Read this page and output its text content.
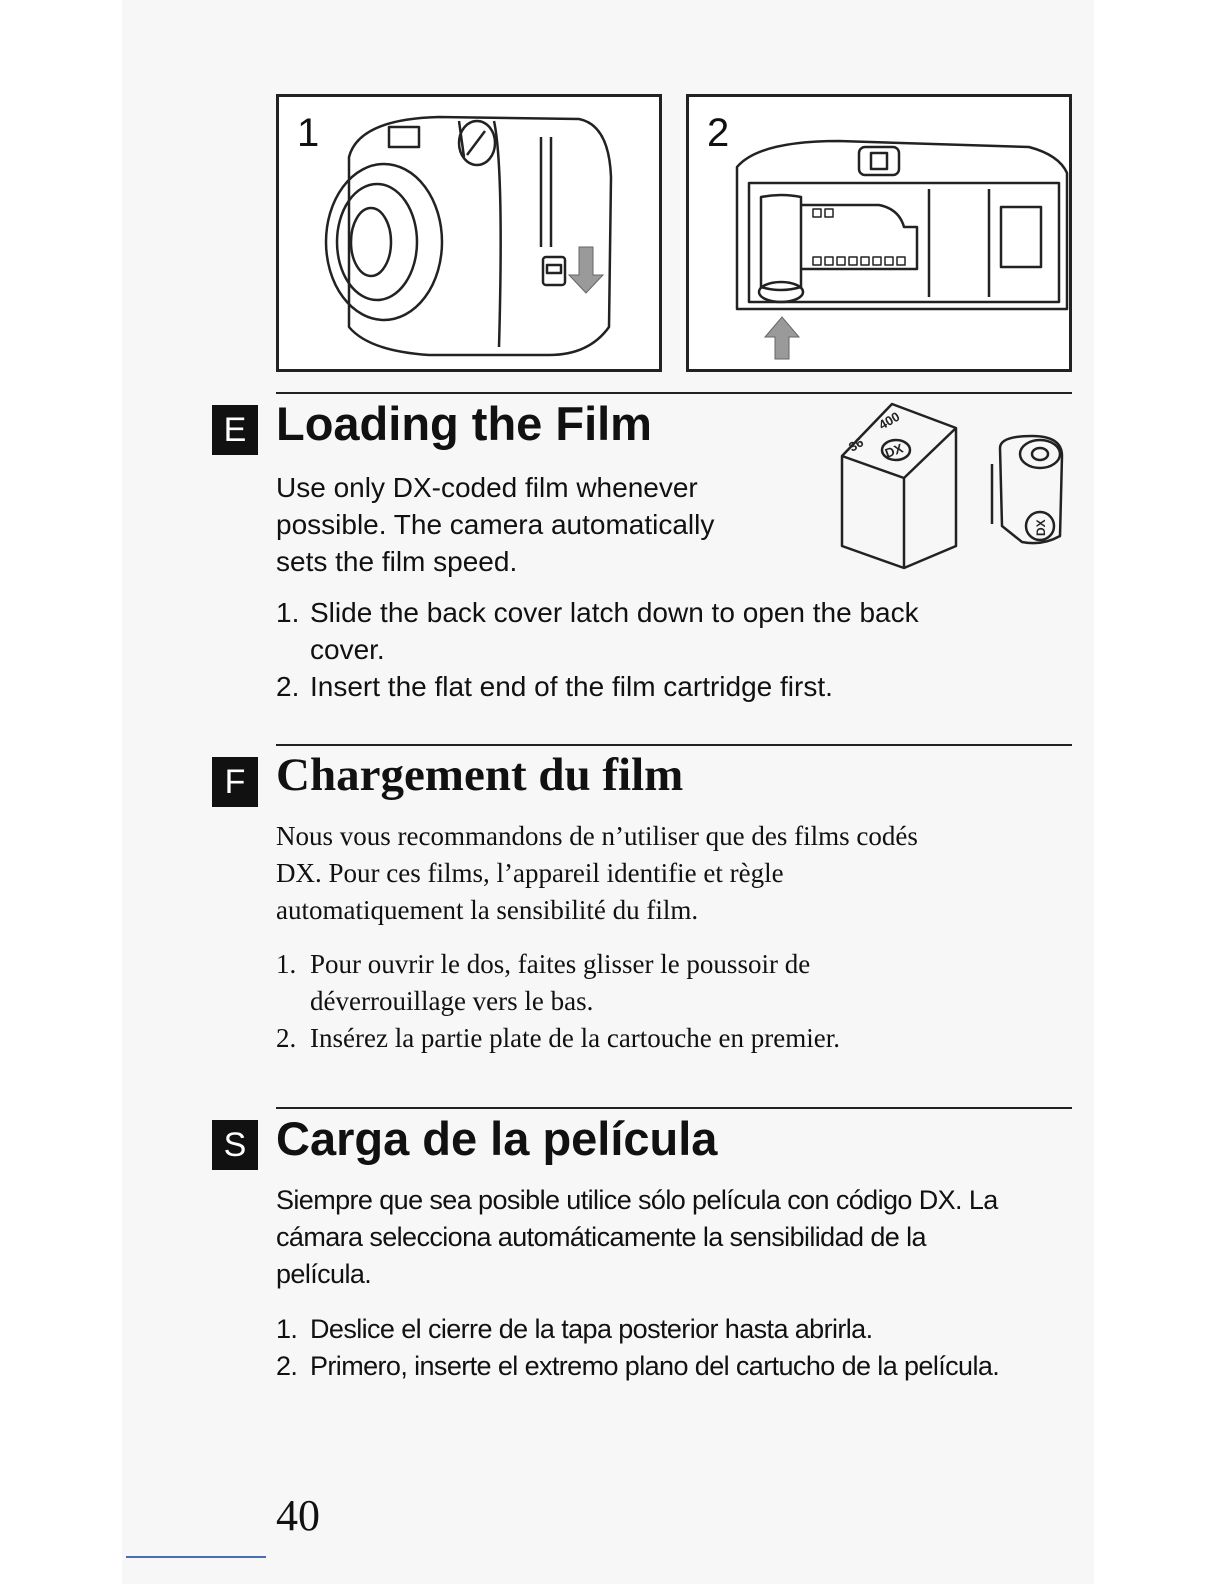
1	2
E Loading the Film	36
400
DX
DX

Use only DX-coded film whenever
possible. The camera automatically
sets the film speed.

1. Slide the back cover latch down to open the back
cover.
2. Insert the flat end of the film cartridge first.
F Chargement du film

Nous vous recommandons de n’utiliser que des films codés
DX. Pour ces films, l’appareil identifie et règle
automatiquement la sensibilité du film.

1. Pour ouvrir le dos, faites glisser le poussoir de
déverrouillage vers le bas.
2. Insérez la partie plate de la cartouche en premier.
S Carga de la película

Siempre que sea posible utilice sólo película con código DX. La
cámara selecciona automáticamente la sensibilidad de la
película.

1. Deslice el cierre de la tapa posterior hasta abrirla.
2. Primero, inserte el extremo plano del cartucho de la película.

40
